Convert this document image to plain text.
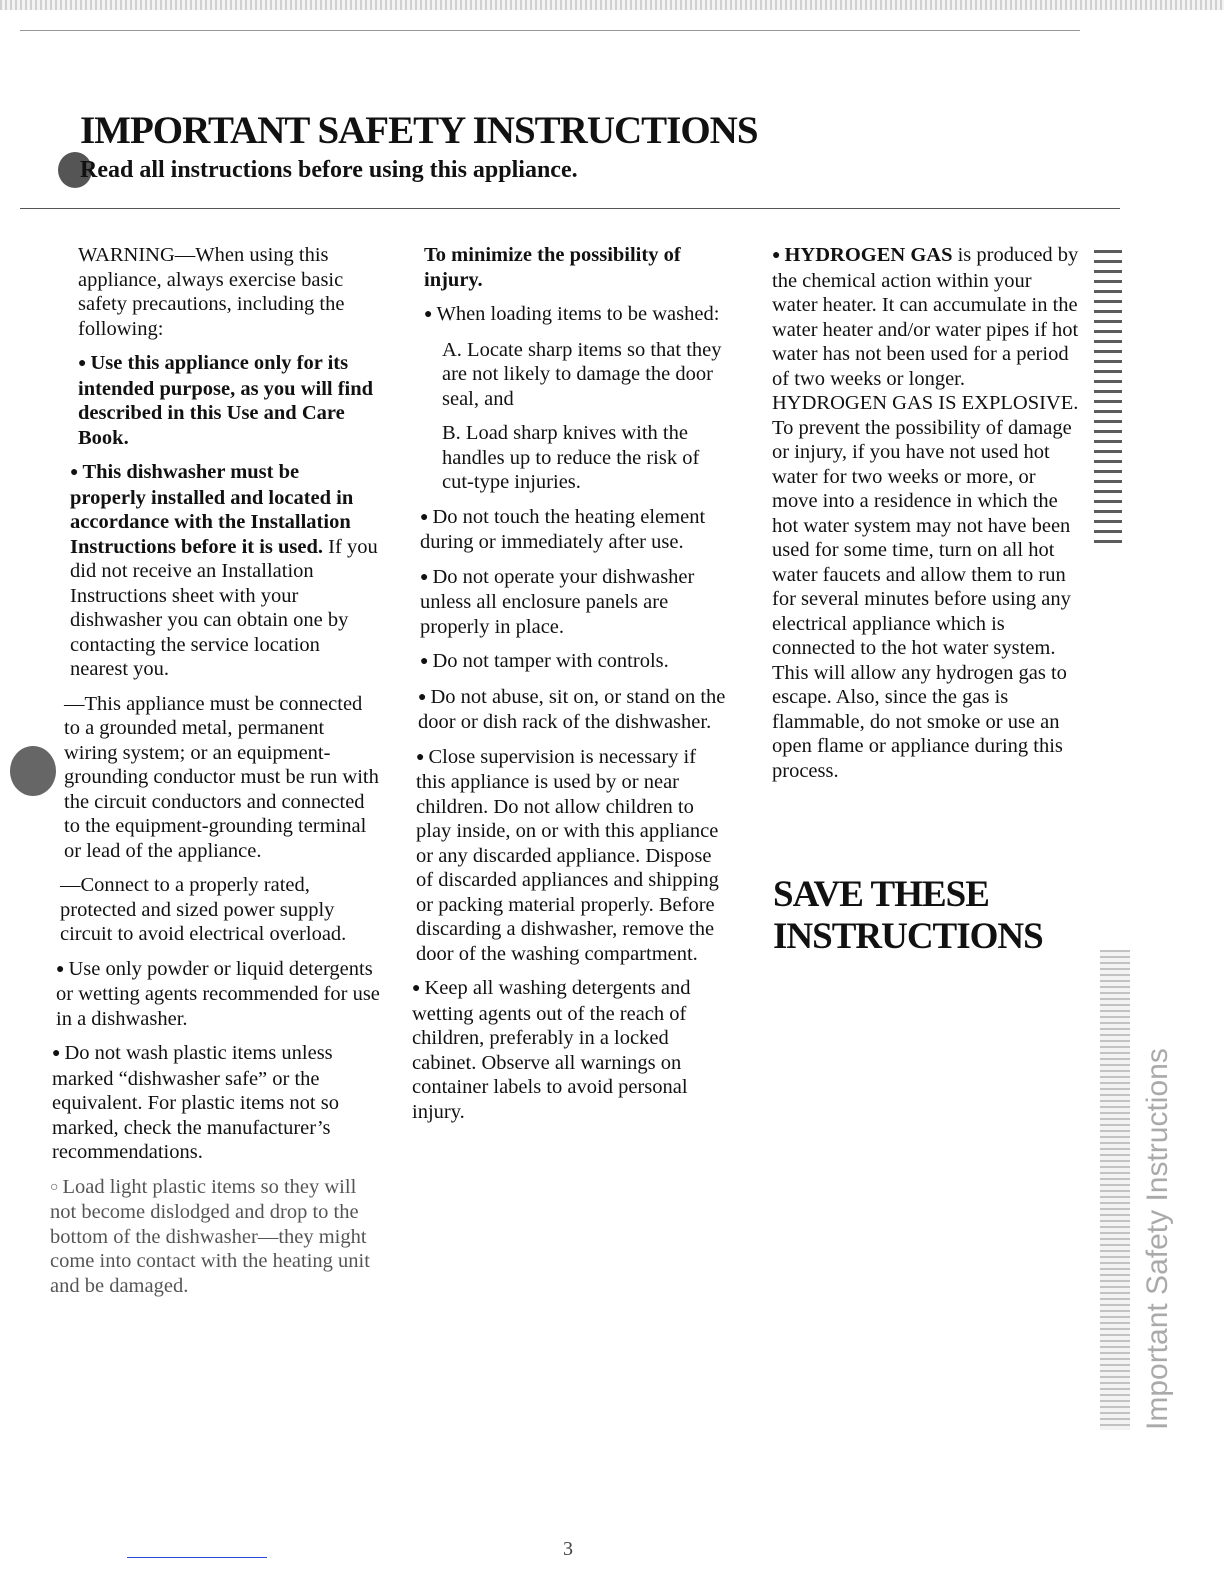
IMPORTANT SAFETY INSTRUCTIONS
Read all instructions before using this appliance.

WARNING—When using this appliance, always exercise basic safety precautions, including the following:

● Use this appliance only for its intended purpose, as you will find described in this Use and Care Book.

● This dishwasher must be properly installed and located in accordance with the Installation Instructions before it is used. If you did not receive an Installation Instructions sheet with your dishwasher you can obtain one by contacting the service location nearest you.

—This appliance must be connected to a grounded metal, permanent wiring system; or an equipment-grounding conductor must be run with the circuit conductors and connected to the equipment-grounding terminal or lead of the appliance.

—Connect to a properly rated, protected and sized power supply circuit to avoid electrical overload.

● Use only powder or liquid detergents or wetting agents recommended for use in a dishwasher.

● Do not wash plastic items unless marked “dishwasher safe” or the equivalent. For plastic items not so marked, check the manufacturer’s recommendations.

○ Load light plastic items so they will not become dislodged and drop to the bottom of the dishwasher—they might come into contact with the heating unit and be damaged.

To minimize the possibility of injury.

● When loading items to be washed:

A. Locate sharp items so that they are not likely to damage the door seal, and

B. Load sharp knives with the handles up to reduce the risk of cut-type injuries.

● Do not touch the heating element during or immediately after use.

● Do not operate your dishwasher unless all enclosure panels are properly in place.

● Do not tamper with controls.

● Do not abuse, sit on, or stand on the door or dish rack of the dishwasher.

● Close supervision is necessary if this appliance is used by or near children. Do not allow children to play inside, on or with this appliance or any discarded appliance. Dispose of discarded appliances and shipping or packing material properly. Before discarding a dishwasher, remove the door of the washing compartment.

● Keep all washing detergents and wetting agents out of the reach of children, preferably in a locked cabinet. Observe all warnings on container labels to avoid personal injury.

● HYDROGEN GAS is produced by the chemical action within your water heater. It can accumulate in the water heater and/or water pipes if hot water has not been used for a period of two weeks or longer. HYDROGEN GAS IS EXPLOSIVE. To prevent the possibility of damage or injury, if you have not used hot water for two weeks or more, or move into a residence in which the hot water system may not have been used for some time, turn on all hot water faucets and allow them to run for several minutes before using any electrical appliance which is connected to the hot water system. This will allow any hydrogen gas to escape. Also, since the gas is flammable, do not smoke or use an open flame or appliance during this process.

SAVE THESE
INSTRUCTIONS
Important Safety Instructions

3
